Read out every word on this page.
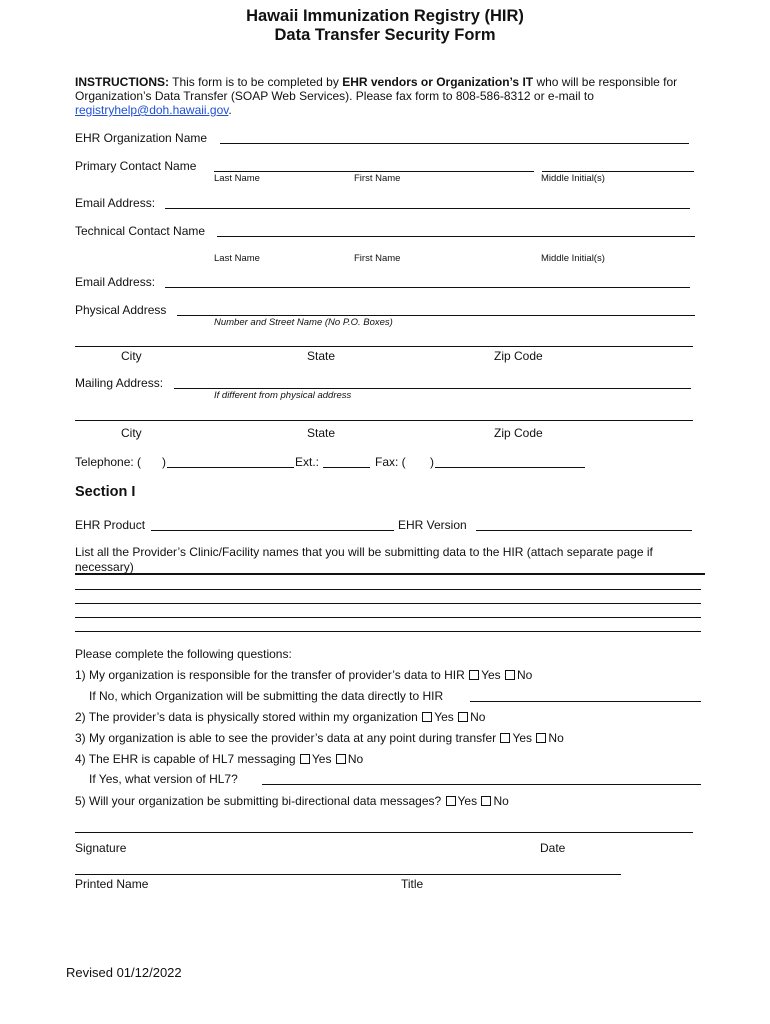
Hawaii Immunization Registry (HIR)
Data Transfer Security Form
INSTRUCTIONS: This form is to be completed by EHR vendors or Organization’s IT who will be responsible for Organization’s Data Transfer (SOAP Web Services). Please fax form to 808-586-8312 or e-mail to registryhelp@doh.hawaii.gov.
EHR Organization Name
Primary Contact Name
Last Name	First Name	Middle Initial(s)
Email Address:
Technical Contact Name
Last Name	First Name	Middle Initial(s)
Email Address:
Physical Address
Number and Street Name (No P.O. Boxes)
City	State	Zip Code
Mailing Address:
If different from physical address
City	State	Zip Code
Telephone: ( )	Ext.:	Fax: ( )
Section I
EHR Product	EHR Version
List all the Provider’s Clinic/Facility names that you will be submitting data to the HIR (attach separate page if necessary)
Please complete the following questions:
1) My organization is responsible for the transfer of provider’s data to HIR Yes No
If No, which Organization will be submitting the data directly to HIR
2) The provider’s data is physically stored within my organization Yes No
3) My organization is able to see the provider’s data at any point during transfer Yes No
4) The EHR is capable of HL7 messaging Yes No
If Yes, what version of HL7?
5) Will your organization be submitting bi-directional data messages? Yes No
Signature	Date
Printed Name	Title
Revised 01/12/2022
